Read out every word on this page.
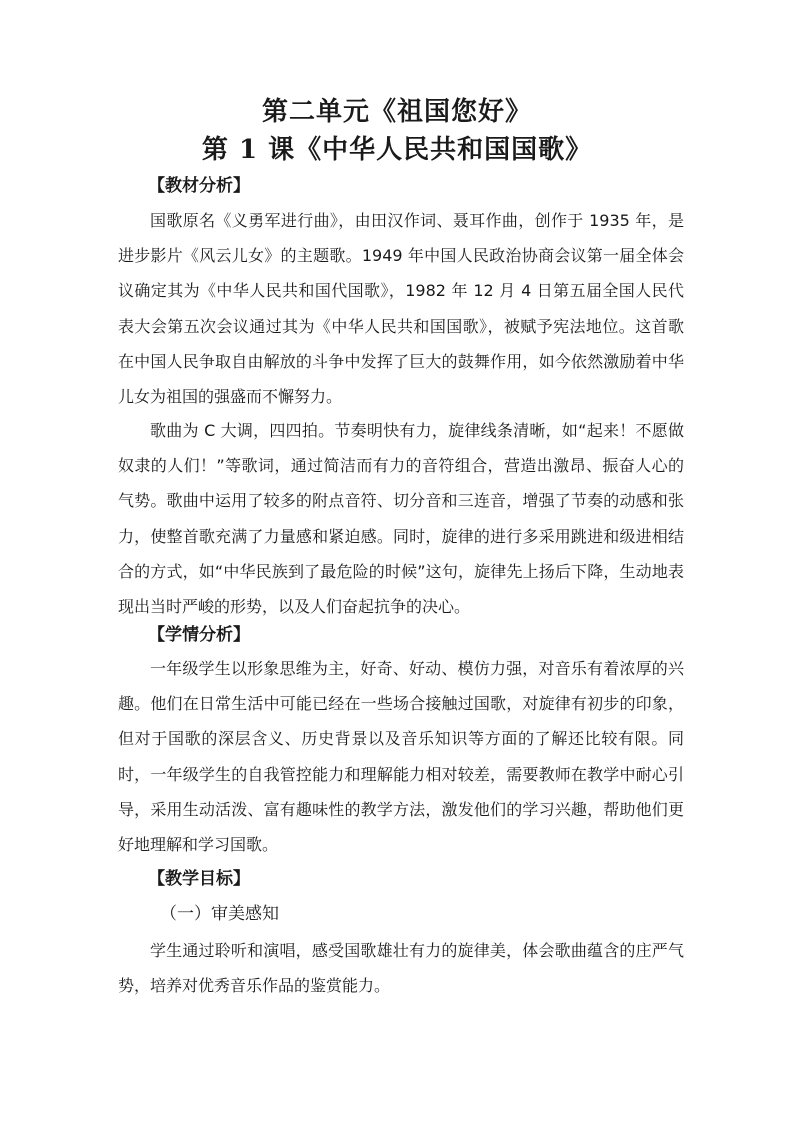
第二单元《祖国您好》
第 1 课《中华人民共和国国歌》
【教材分析】

国歌原名《义勇军进行曲》，由田汉作词、聂耳作曲，创作于 1935 年，是进步影片《风云儿女》的主题歌。1949 年中国人民政治协商会议第一届全体会议确定其为《中华人民共和国代国歌》，1982 年 12 月 4 日第五届全国人民代表大会第五次会议通过其为《中华人民共和国国歌》，被赋予宪法地位。这首歌在中国人民争取自由解放的斗争中发挥了巨大的鼓舞作用，如今依然激励着中华儿女为祖国的强盛而不懈努力。

歌曲为 C 大调，四四拍。节奏明快有力，旋律线条清晰，如“起来！不愿做奴隶的人们！”等歌词，通过简洁而有力的音符组合，营造出激昂、振奋人心的气势。歌曲中运用了较多的附点音符、切分音和三连音，增强了节奏的动感和张力，使整首歌充满了力量感和紧迫感。同时，旋律的进行多采用跳进和级进相结合的方式，如“中华民族到了最危险的时候”这句，旋律先上扬后下降，生动地表现出当时严峻的形势，以及人们奋起抗争的决心。

【学情分析】

一年级学生以形象思维为主，好奇、好动、模仿力强，对音乐有着浓厚的兴趣。他们在日常生活中可能已经在一些场合接触过国歌，对旋律有初步的印象，但对于国歌的深层含义、历史背景以及音乐知识等方面的了解还比较有限。同时，一年级学生的自我管控能力和理解能力相对较差，需要教师在教学中耐心引导，采用生动活泼、富有趣味性的教学方法，激发他们的学习兴趣，帮助他们更好地理解和学习国歌。

【教学目标】
（一）审美感知

学生通过聆听和演唱，感受国歌雄壮有力的旋律美，体会歌曲蕴含的庄严气势，培养对优秀音乐作品的鉴赏能力。
